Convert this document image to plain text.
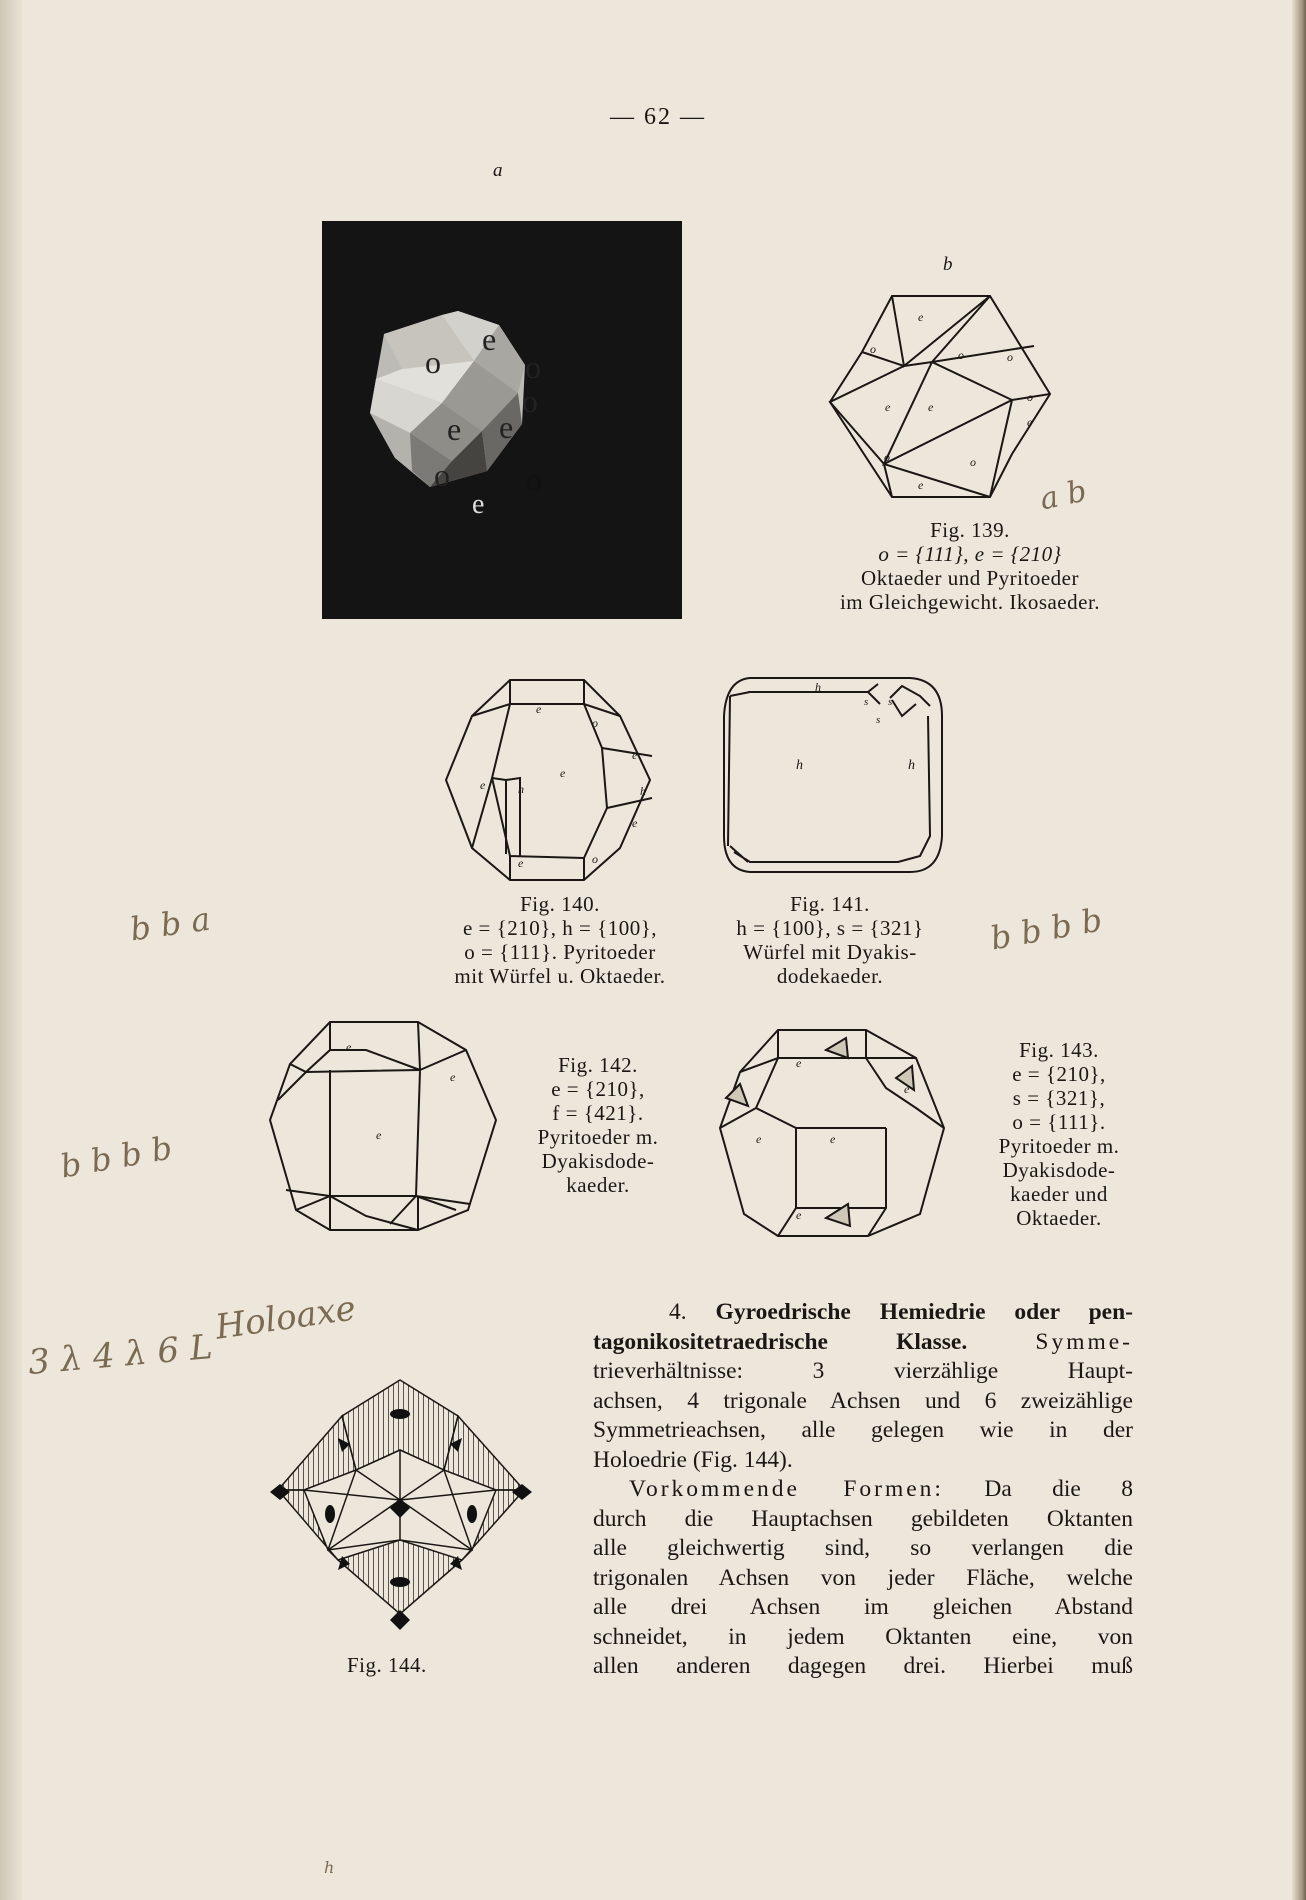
— 62 —
a
e
o	o
o
e e
o o
e
b
e
o	o	o
e	e
o
e
o	o
e
Fig. 139.
o = {111}, e = {210}
Oktaeder und Pyritoeder
im Gleichgewicht. Ikosaeder.
e
o
e
e	h
e
h
e
e	o
Fig. 140.
e = {210}, h = {100},
o = {111}. Pyritoeder
mit Würfel u. Oktaeder.
h
s s
s
h	h
Fig. 141.
h = {100}, s = {321}
Würfel mit Dyakis-
dodekaeder.
e
e
e
Fig. 142.
e = {210},
f = {421}.
Pyritoeder m.
Dyakisdode-
kaeder.
e
e
e	e
e
Fig. 143.
e = {210},
s = {321},
o = {111}.
Pyritoeder m.
Dyakisdode-
kaeder und
Oktaeder.
Fig. 144.

4. Gyroedrische Hemiedrie oder pen-

tagonikositetraedrische Klasse.	Symme-

trieverhältnisse: 3 vierzählige Haupt-

achsen, 4 trigonale Achsen und 6 zweizählige

Symmetrieachsen, alle gelegen wie in der

Holoedrie (Fig. 144).

Vorkommende Formen: Da die 8

durch die Hauptachsen gebildeten Oktanten

alle gleichwertig sind, so verlangen die

trigonalen Achsen von jeder Fläche, welche

alle drei Achsen im gleichen Abstand

schneidet, in jedem Oktanten eine, von

allen anderen dagegen drei. Hierbei muß

a b
b b a	b b b b
b b b b
Holoaxe
3 λ 4 λ 6 L
h
